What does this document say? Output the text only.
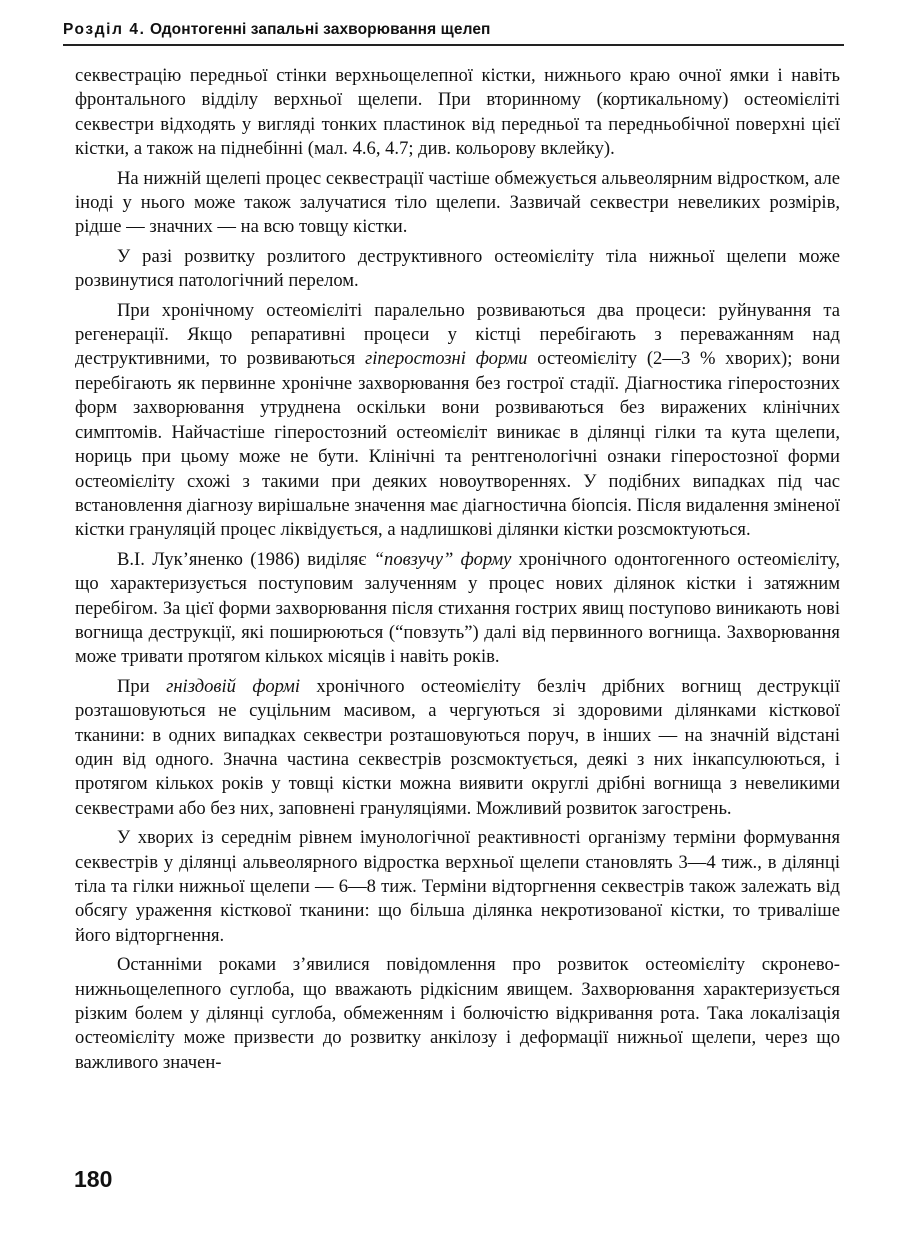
Розділ 4. Одонтогенні запальні захворювання щелеп

секвестрацію передньої стінки верхньощелепної кістки, нижнього краю очної ямки і навіть фронтального відділу верхньої щелепи. При вторинному (кортикальному) остеомієліті секвестри відходять у вигляді тонких пластинок від передньої та передньобічної поверхні цієї кістки, а також на піднебінні (мал. 4.6, 4.7; див. кольорову вклейку).

На нижній щелепі процес секвестрації частіше обмежується альвеолярним відростком, але іноді у нього може також залучатися тіло щелепи. Зазвичай секвестри невеликих розмірів, рідше — значних — на всю товщу кістки.

У разі розвитку розлитого деструктивного остеомієліту тіла нижньої щелепи може розвинутися патологічний перелом.

При хронічному остеомієліті паралельно розвиваються два процеси: руйнування та регенерації. Якщо репаративні процеси у кістці перебігають з переважанням над деструктивними, то розвиваються гіперостозні форми остеомієліту (2—3 % хворих); вони перебігають як первинне хронічне захворювання без гострої стадії. Діагностика гіперостозних форм захворювання утруднена оскільки вони розвиваються без виражених клінічних симптомів. Найчастіше гіперостозний остеомієліт виникає в ділянці гілки та кута щелепи, нориць при цьому може не бути. Клінічні та рентгенологічні ознаки гіперостозної форми остеомієліту схожі з такими при деяких новоутвореннях. У подібних випадках під час встановлення діагнозу вирішальне значення має діагностична біопсія. Після видалення зміненої кістки грануляцій процес ліквідується, а надлишкові ділянки кістки розсмоктуються.

В.І. Лук’яненко (1986) виділяє “повзучу” форму хронічного одонтогенного остеомієліту, що характеризується поступовим залученням у процес нових ділянок кістки і затяжним перебігом. За цієї форми захворювання після стихання гострих явищ поступово виникають нові вогнища деструкції, які поширюються (“повзуть”) далі від первинного вогнища. Захворювання може тривати протягом кількох місяців і навіть років.

При гніздовій формі хронічного остеомієліту безліч дрібних вогнищ деструкції розташовуються не суцільним масивом, а чергуються зі здоровими ділянками кісткової тканини: в одних випадках секвестри розташовуються поруч, в інших — на значній відстані один від одного. Значна частина секвестрів розсмоктується, деякі з них інкапсулюються, і протягом кількох років у товщі кістки можна виявити округлі дрібні вогнища з невеликими секвестрами або без них, заповнені грануляціями. Можливий розвиток загострень.

У хворих із середнім рівнем імунологічної реактивності організму терміни формування секвестрів у ділянці альвеолярного відростка верхньої щелепи становлять 3—4 тиж., в ділянці тіла та гілки нижньої щелепи — 6—8 тиж. Терміни відторгнення секвестрів також залежать від обсягу ураження кісткової тканини: що більша ділянка некротизованої кістки, то триваліше його відторгнення.

Останніми роками з’явилися повідомлення про розвиток остеомієліту скронево-нижньощелепного суглоба, що вважають рідкісним явищем. Захворювання характеризується різким болем у ділянці суглоба, обмеженням і болючістю відкривання рота. Така локалізація остеомієліту може призвести до розвитку анкілозу і деформації нижньої щелепи, через що важливого значен-

180
